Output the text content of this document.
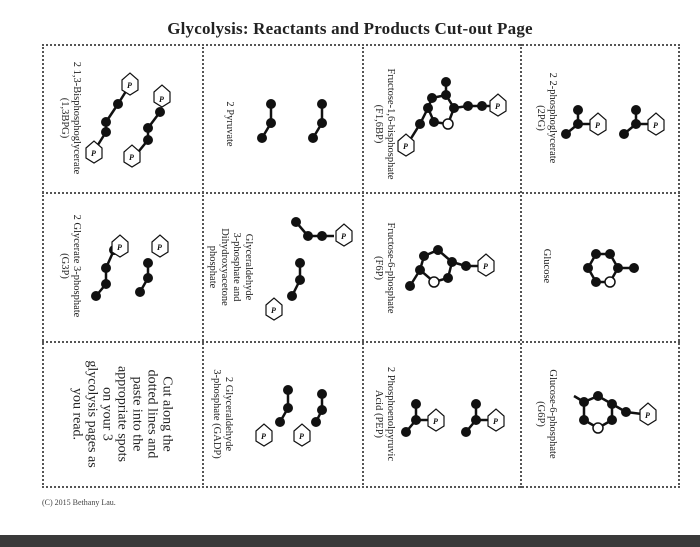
Glycolysis: Reactants and Products Cut-out Page
2 1,3-Bisphosphoglycerate
(1,3BPG)
P
P
P	P
2 Pyruvate	Fructose-1,6-bisphosphate
(F1,6BP)	P
P	2 2-phosphoglycerate
(2PG)	P	P
2 Glycerate 3-phosphate
(G3P)
P	P	Glyceraldehyde
3-phosphate and
Dihydroxyacetone
phosphate
P
P	Fructose-6-phosphate
(F6P)	P	Glucose
Cut along the
dotted lines and
paste into the
appropriate spots
on your 3
glycolysis pages as
you read.	2 Glyceraldehyde
3-phosphate (GADP)	P	P	2 Phosphoenolpyruvic
Acid (PEP)	P	P	Glucose-6-phosphate
(G6P)	P
(C) 2015 Bethany Lau.
